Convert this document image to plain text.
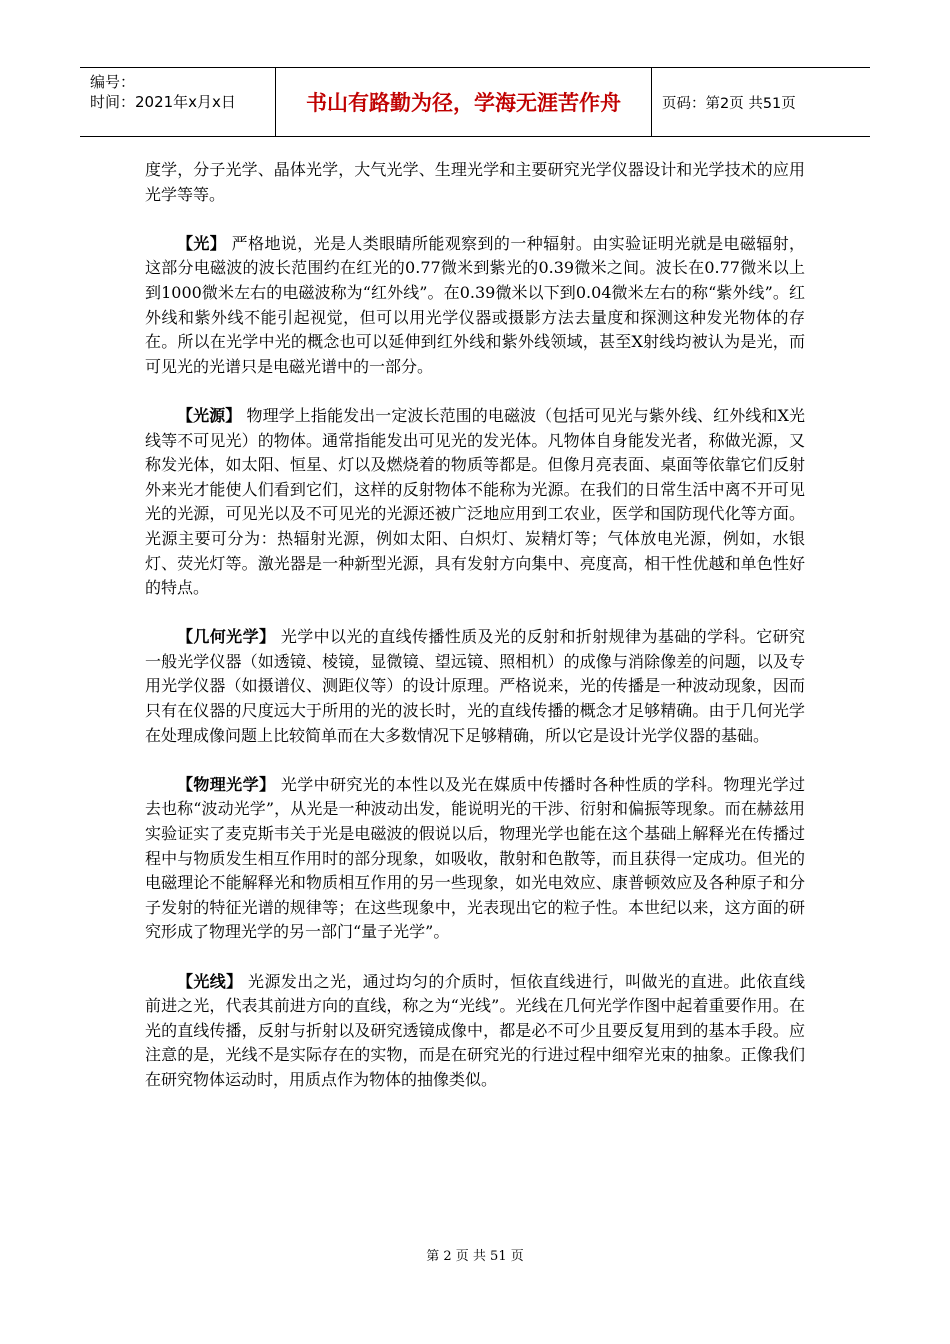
编号：
时间：2021年x月x日	书山有路勤为径，学海无涯苦作舟	页码：第2页 共51页

度学，分子光学、晶体光学，大气光学、生理光学和主要研究光学仪器设计和光学技术的应用光学等等。

【光】 严格地说，光是人类眼睛所能观察到的一种辐射。由实验证明光就是电磁辐射，这部分电磁波的波长范围约在红光的0.77微米到紫光的0.39微米之间。波长在0.77微米以上到1000微米左右的电磁波称为“红外线”。在0.39微米以下到0.04微米左右的称“紫外线”。红外线和紫外线不能引起视觉，但可以用光学仪器或摄影方法去量度和探测这种发光物体的存在。所以在光学中光的概念也可以延伸到红外线和紫外线领域，甚至X射线均被认为是光，而可见光的光谱只是电磁光谱中的一部分。

【光源】 物理学上指能发出一定波长范围的电磁波（包括可见光与紫外线、红外线和X光线等不可见光）的物体。通常指能发出可见光的发光体。凡物体自身能发光者，称做光源，又称发光体，如太阳、恒星、灯以及燃烧着的物质等都是。但像月亮表面、桌面等依靠它们反射外来光才能使人们看到它们，这样的反射物体不能称为光源。在我们的日常生活中离不开可见光的光源，可见光以及不可见光的光源还被广泛地应用到工农业，医学和国防现代化等方面。光源主要可分为：热辐射光源，例如太阳、白炽灯、炭精灯等；气体放电光源，例如，水银灯、荧光灯等。激光器是一种新型光源，具有发射方向集中、亮度高，相干性优越和单色性好的特点。

【几何光学】 光学中以光的直线传播性质及光的反射和折射规律为基础的学科。它研究一般光学仪器（如透镜、棱镜，显微镜、望远镜、照相机）的成像与消除像差的问题，以及专用光学仪器（如摄谱仪、测距仪等）的设计原理。严格说来，光的传播是一种波动现象，因而只有在仪器的尺度远大于所用的光的波长时，光的直线传播的概念才足够精确。由于几何光学在处理成像问题上比较简单而在大多数情况下足够精确，所以它是设计光学仪器的基础。

【物理光学】 光学中研究光的本性以及光在媒质中传播时各种性质的学科。物理光学过去也称“波动光学”，从光是一种波动出发，能说明光的干涉、衍射和偏振等现象。而在赫兹用实验证实了麦克斯韦关于光是电磁波的假说以后，物理光学也能在这个基础上解释光在传播过程中与物质发生相互作用时的部分现象，如吸收，散射和色散等，而且获得一定成功。但光的电磁理论不能解释光和物质相互作用的另一些现象，如光电效应、康普顿效应及各种原子和分子发射的特征光谱的规律等；在这些现象中，光表现出它的粒子性。本世纪以来，这方面的研究形成了物理光学的另一部门“量子光学”。

【光线】 光源发出之光，通过均匀的介质时，恒依直线进行，叫做光的直进。此依直线前进之光，代表其前进方向的直线，称之为“光线”。光线在几何光学作图中起着重要作用。在光的直线传播，反射与折射以及研究透镜成像中，都是必不可少且要反复用到的基本手段。应注意的是，光线不是实际存在的实物，而是在研究光的行进过程中细窄光束的抽象。正像我们在研究物体运动时，用质点作为物体的抽像类似。

第 2 页 共 51 页
